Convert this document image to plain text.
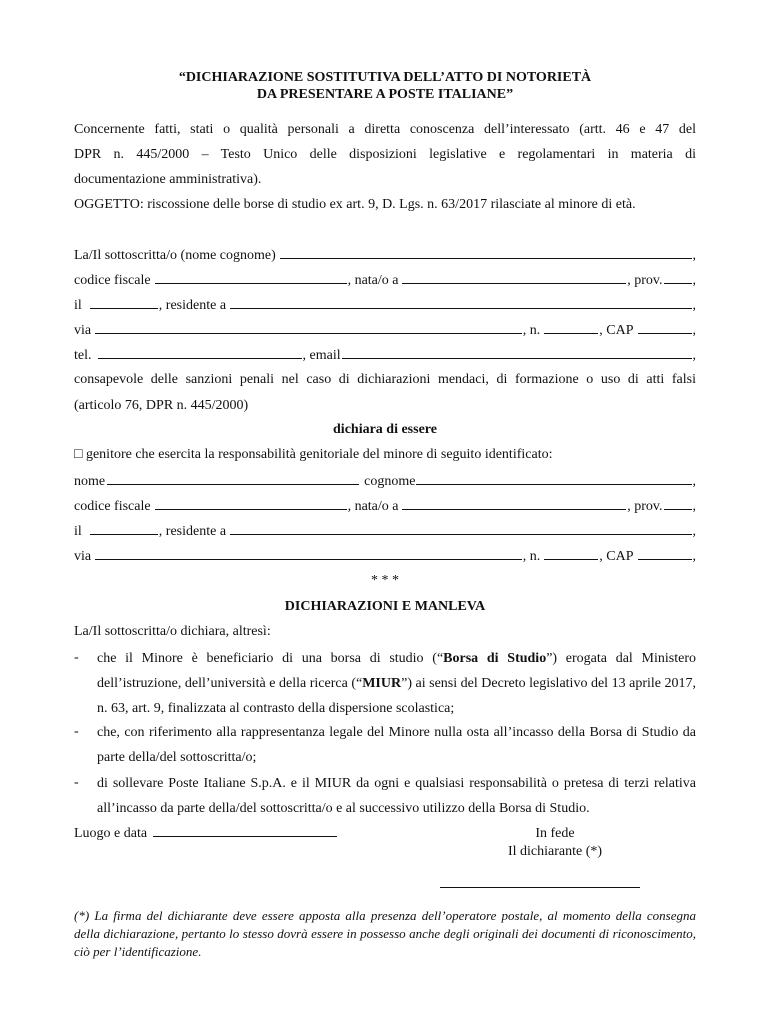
“DICHIARAZIONE SOSTITUTIVA DELL’ATTO DI NOTORIETÀ
DA PRESENTARE A POSTE ITALIANE”
Concernente fatti, stati o qualità personali a diretta conoscenza dell’interessato (artt. 46 e 47 del
DPR n. 445/2000 – Testo Unico delle disposizioni legislative e regolamentari in materia di
documentazione amministrativa).
OGGETTO: riscossione delle borse di studio ex art. 9, D. Lgs. n. 63/2017 rilasciate al minore di età.
La/Il sottoscritta/o (nome cognome)	,
codice fiscale	, nata/o a	, prov. ,
il	, residente a	,
via	, n.	, CAP	,
tel.	, email	,
consapevole delle sanzioni penali nel caso di dichiarazioni mendaci, di formazione o uso di atti falsi
(articolo 76, DPR n. 445/2000)
dichiara di essere
□ genitore che esercita la responsabilità genitoriale del minore di seguito identificato:
nome	cognome	,
codice fiscale	, nata/o a	, prov. ,
il	, residente a	,
via	, n.	, CAP	,
* * *
DICHIARAZIONI E MANLEVA
La/Il sottoscritta/o dichiara, altresì:
- che il Minore è beneficiario di una borsa di studio (“Borsa di Studio”) erogata dal Ministero dell’istruzione, dell’università e della ricerca (“MIUR”) ai sensi del Decreto legislativo del 13 aprile 2017, n. 63, art. 9, finalizzata al contrasto della dispersione scolastica;
- che, con riferimento alla rappresentanza legale del Minore nulla osta all’incasso della Borsa di Studio da parte della/del sottoscritta/o;
- di sollevare Poste Italiane S.p.A. e il MIUR da ogni e qualsiasi responsabilità o pretesa di terzi relativa all’incasso da parte della/del sottoscritta/o e al successivo utilizzo della Borsa di Studio.
Luogo e data	In fede
Il dichiarante (*)
(*) La firma del dichiarante deve essere apposta alla presenza dell’operatore postale, al momento della consegna della dichiarazione, pertanto lo stesso dovrà essere in possesso anche degli originali dei documenti di riconoscimento, ciò per l’identificazione.
